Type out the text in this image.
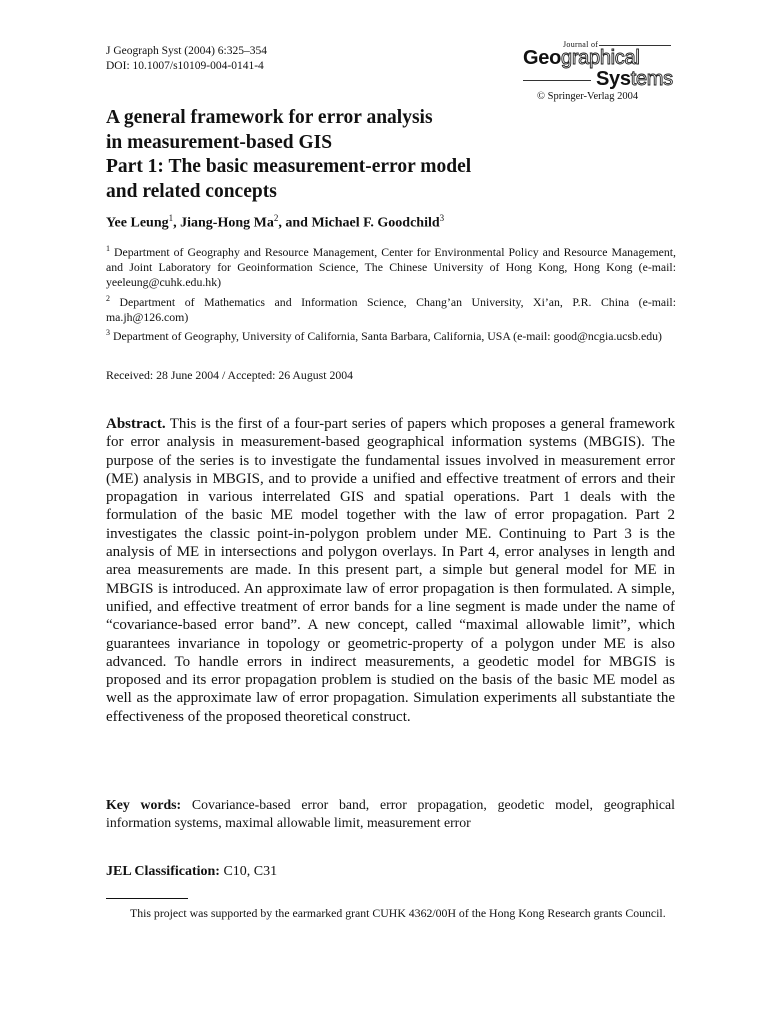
J Geograph Syst (2004) 6:325–354
DOI: 10.1007/s10109-004-0141-4
Journal of
Geographical
Systems
© Springer-Verlag 2004
A general framework for error analysis
in measurement-based GIS
Part 1: The basic measurement-error model
and related concepts
Yee Leung$^1$, Jiang-Hong Ma$^2$, and Michael F. Goodchild$^3$

$^1$ Department of Geography and Resource Management, Center for Environmental Policy and Resource Management, and Joint Laboratory for Geoinformation Science, The Chinese University of Hong Kong, Hong Kong (e-mail: yeeleung@cuhk.edu.hk)

$^2$ Department of Mathematics and Information Science, Chang’an University, Xi’an, P.R. China (e-mail: ma.jh@126.com)

$^3$ Department of Geography, University of California, Santa Barbara, California, USA (e-mail: good@ncgia.ucsb.edu)

Received: 28 June 2004 / Accepted: 26 August 2004

Abstract. This is the first of a four-part series of papers which proposes a general framework for error analysis in measurement-based geographical information systems (MBGIS). The purpose of the series is to investigate the fundamental issues involved in measurement error (ME) analysis in MBGIS, and to provide a unified and effective treatment of errors and their propagation in various interrelated GIS and spatial operations. Part 1 deals with the formulation of the basic ME model together with the law of error propagation. Part 2 investigates the classic point-in-polygon problem under ME. Continuing to Part 3 is the analysis of ME in intersections and polygon overlays. In Part 4, error analyses in length and area measurements are made. In this present part, a simple but general model for ME in MBGIS is introduced. An approximate law of error propagation is then formulated. A simple, unified, and effective treatment of error bands for a line segment is made under the name of “covariance-based error band”. A new concept, called “maximal allowable limit”, which guarantees invariance in topology or geometric-property of a polygon under ME is also advanced. To handle errors in indirect measurements, a geodetic model for MBGIS is proposed and its error propagation problem is studied on the basis of the basic ME model as well as the approximate law of error propagation. Simulation experiments all substantiate the effectiveness of the proposed theoretical construct.

Key words: Covariance-based error band, error propagation, geodetic model, geographical information systems, maximal allowable limit, measurement error

JEL Classification: C10, C31

This project was supported by the earmarked grant CUHK 4362/00H of the Hong Kong Research grants Council.
